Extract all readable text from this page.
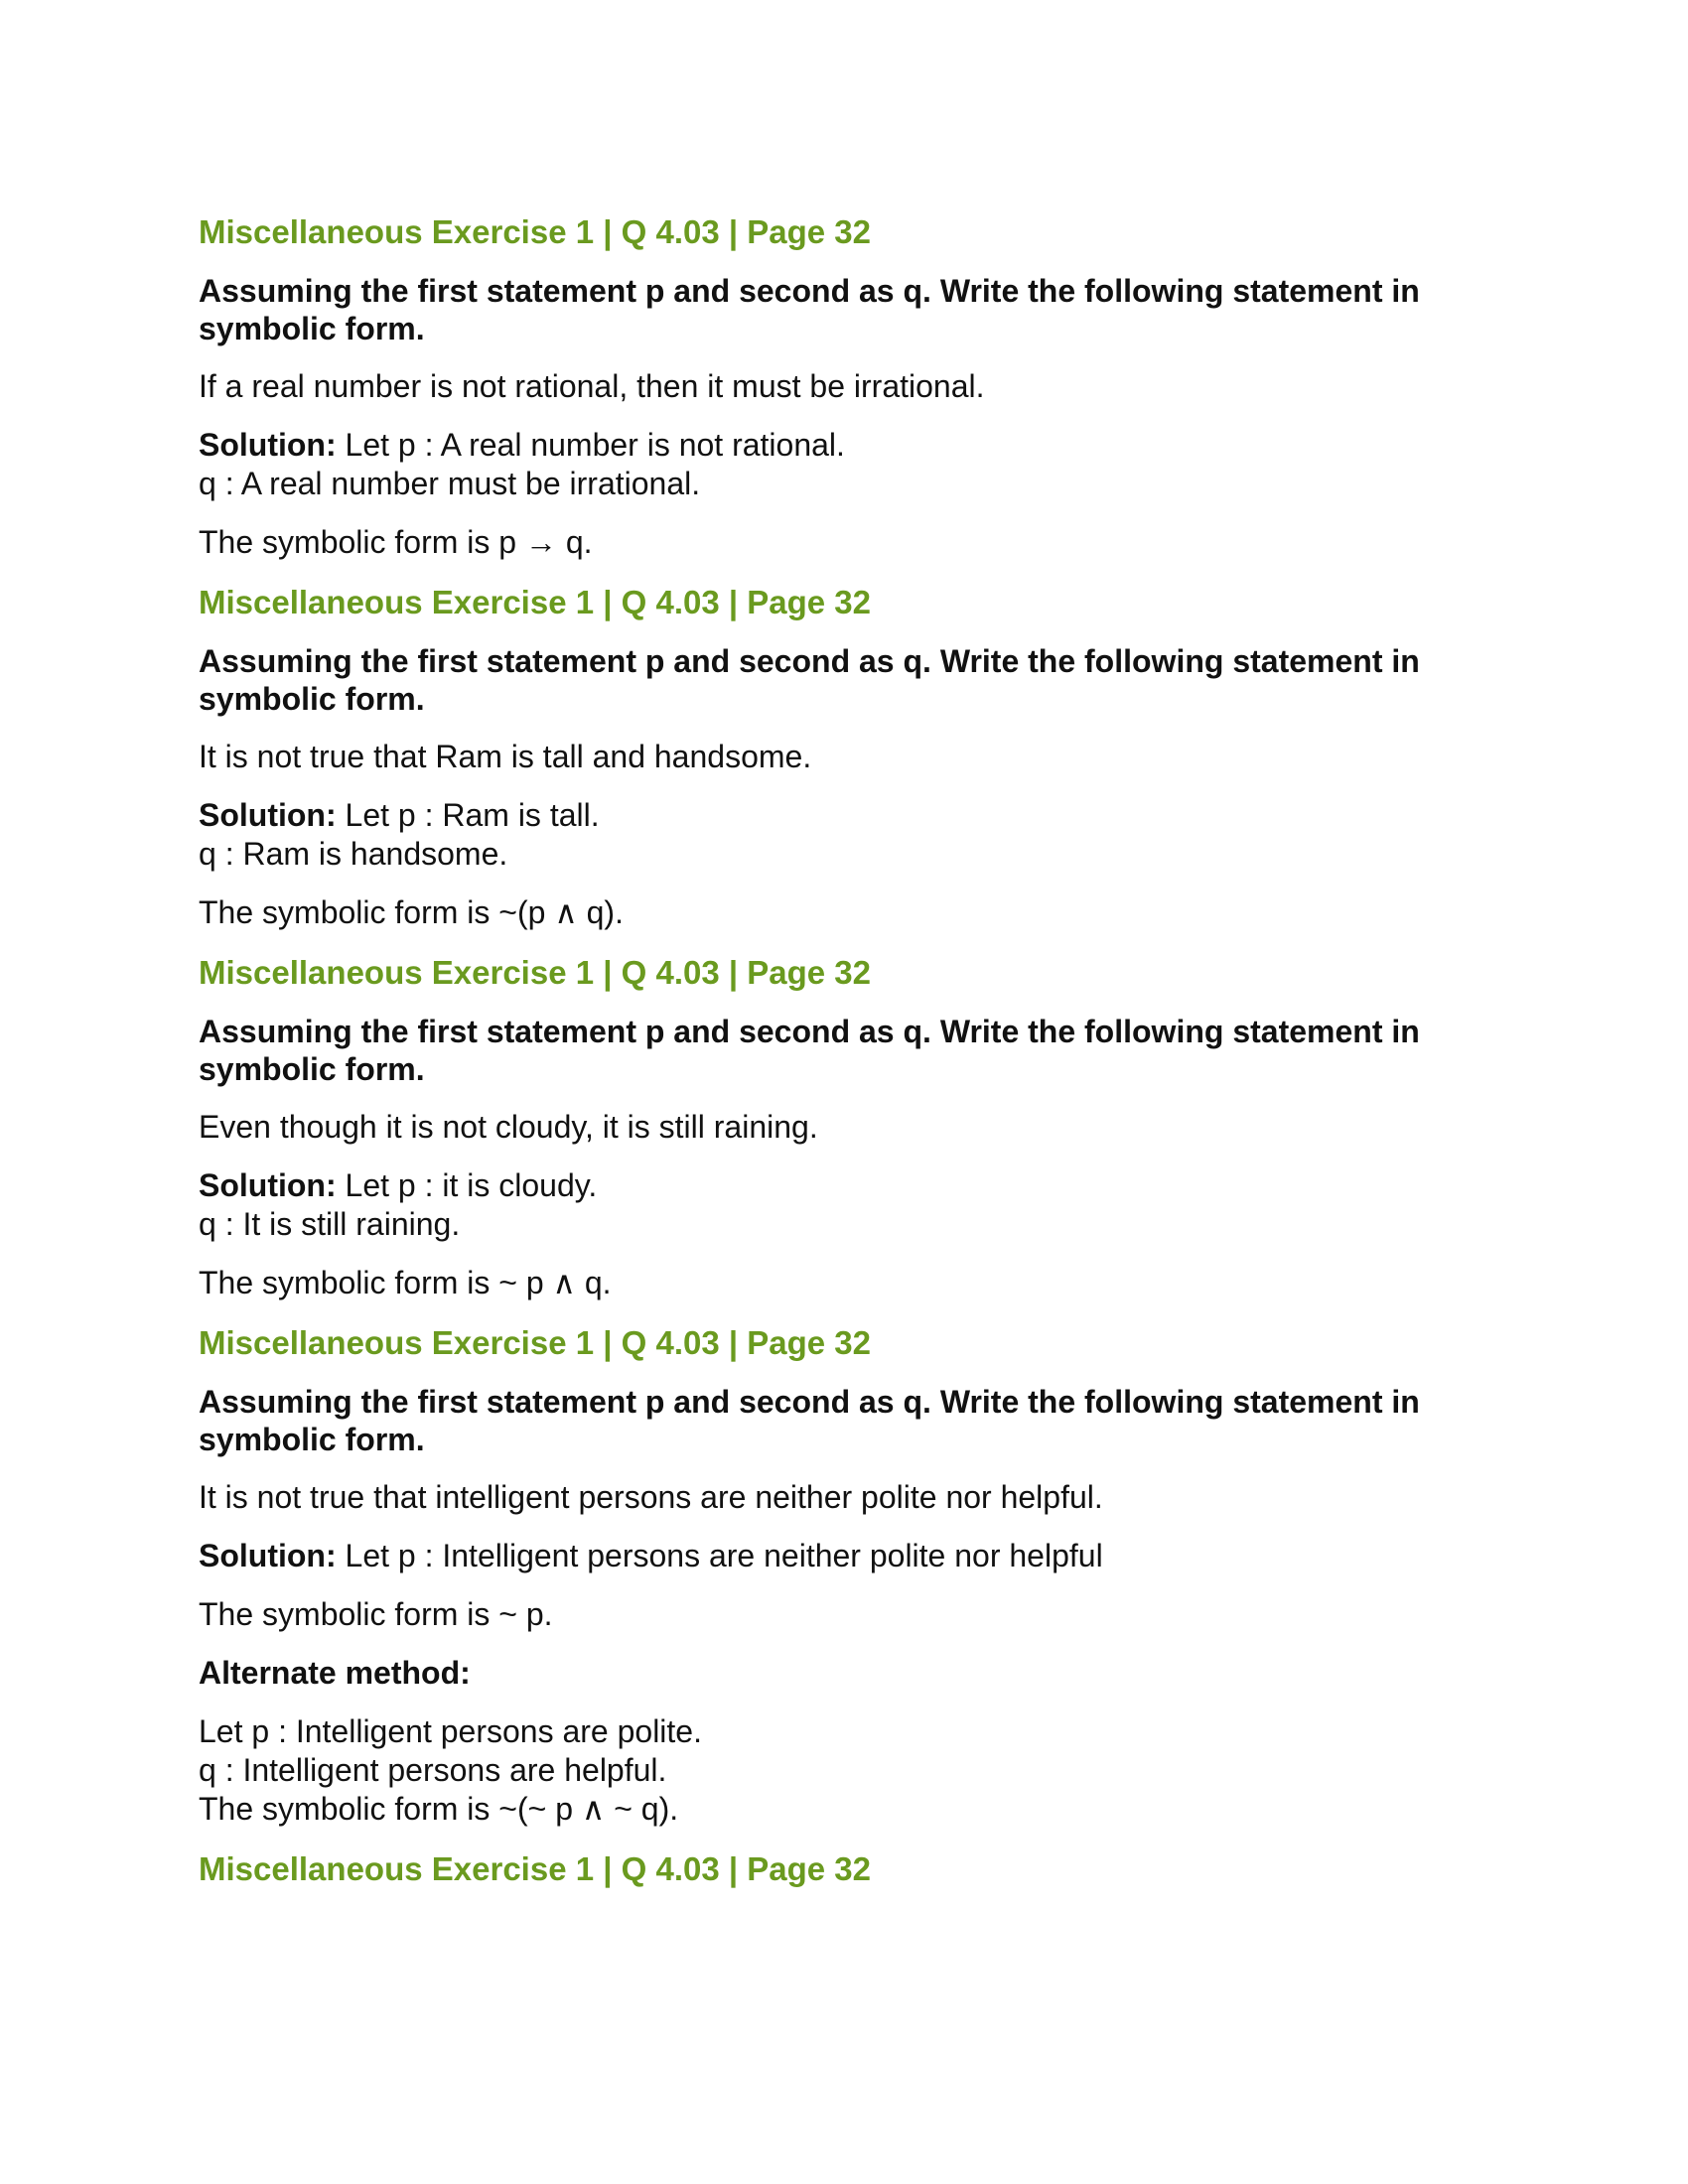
Miscellaneous Exercise 1 | Q 4.03 | Page 32
Assuming the first statement p and second as q. Write the following statement in symbolic form.
If a real number is not rational, then it must be irrational.
Solution: Let p : A real number is not rational.
q : A real number must be irrational.
The symbolic form is p → q.
Miscellaneous Exercise 1 | Q 4.03 | Page 32
Assuming the first statement p and second as q. Write the following statement in symbolic form.
It is not true that Ram is tall and handsome.
Solution: Let p : Ram is tall.
q : Ram is handsome.
The symbolic form is ~(p ∧ q).
Miscellaneous Exercise 1 | Q 4.03 | Page 32
Assuming the first statement p and second as q. Write the following statement in symbolic form.
Even though it is not cloudy, it is still raining.
Solution: Let p : it is cloudy.
q : It is still raining.
The symbolic form is ~ p ∧ q.
Miscellaneous Exercise 1 | Q 4.03 | Page 32
Assuming the first statement p and second as q. Write the following statement in symbolic form.
It is not true that intelligent persons are neither polite nor helpful.
Solution: Let p : Intelligent persons are neither polite nor helpful
The symbolic form is ~ p.
Alternate method:
Let p : Intelligent persons are polite.
q : Intelligent persons are helpful.
The symbolic form is ~(~ p ∧ ~ q).
Miscellaneous Exercise 1 | Q 4.03 | Page 32
